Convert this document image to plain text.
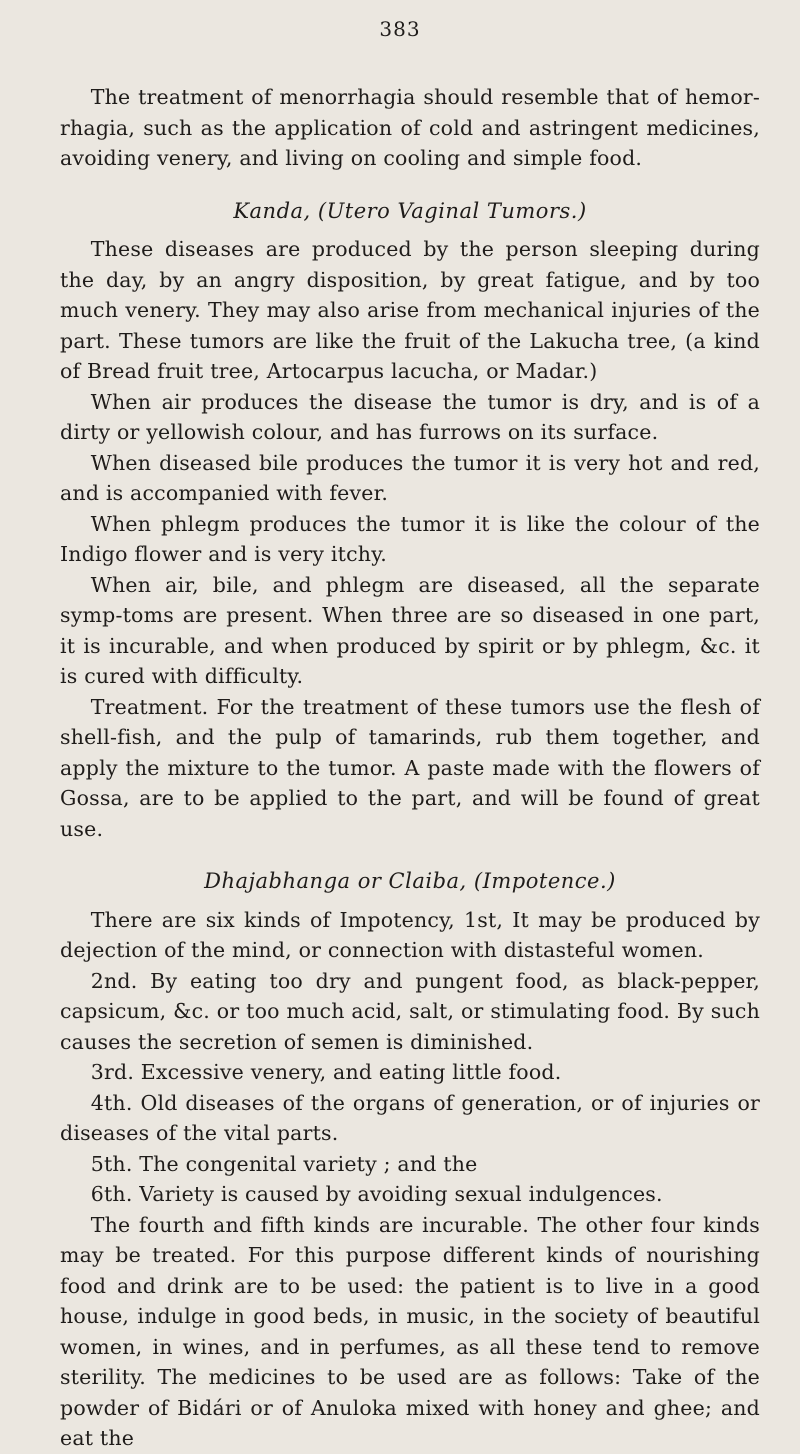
383

The treatment of menorrhagia should resemble that of hemor-rhagia, such as the application of cold and astringent medicines, avoiding venery, and living on cooling and simple food.

Kanda, (Utero Vaginal Tumors.)

These diseases are produced by the person sleeping during the day, by an angry disposition, by great fatigue, and by too much venery. They may also arise from mechanical injuries of the part. These tumors are like the fruit of the Lakucha tree, (a kind of Bread fruit tree, Artocarpus lacucha, or Madar.)

When air produces the disease the tumor is dry, and is of a dirty or yellowish colour, and has furrows on its surface.

When diseased bile produces the tumor it is very hot and red, and is accompanied with fever.

When phlegm produces the tumor it is like the colour of the Indigo flower and is very itchy.

When air, bile, and phlegm are diseased, all the separate symp-toms are present. When three are so diseased in one part, it is incurable, and when produced by spirit or by phlegm, &c. it is cured with difficulty.

Treatment. For the treatment of these tumors use the flesh of shell-fish, and the pulp of tamarinds, rub them together, and apply the mixture to the tumor. A paste made with the flowers of Gossa, are to be applied to the part, and will be found of great use.

Dhajabhanga or Claiba, (Impotence.)

There are six kinds of Impotency, 1st, It may be produced by dejection of the mind, or connection with distasteful women.

2nd. By eating too dry and pungent food, as black-pepper, capsicum, &c. or too much acid, salt, or stimulating food. By such causes the secretion of semen is diminished.

3rd. Excessive venery, and eating little food.

4th. Old diseases of the organs of generation, or of injuries or diseases of the vital parts.

5th. The congenital variety ; and the

6th. Variety is caused by avoiding sexual indulgences.

The fourth and fifth kinds are incurable. The other four kinds may be treated. For this purpose different kinds of nourishing food and drink are to be used: the patient is to live in a good house, indulge in good beds, in music, in the society of beautiful women, in wines, and in perfumes, as all these tend to remove sterility. The medicines to be used are as follows: Take of the powder of Bidári or of Anuloka mixed with honey and ghee; and eat the
